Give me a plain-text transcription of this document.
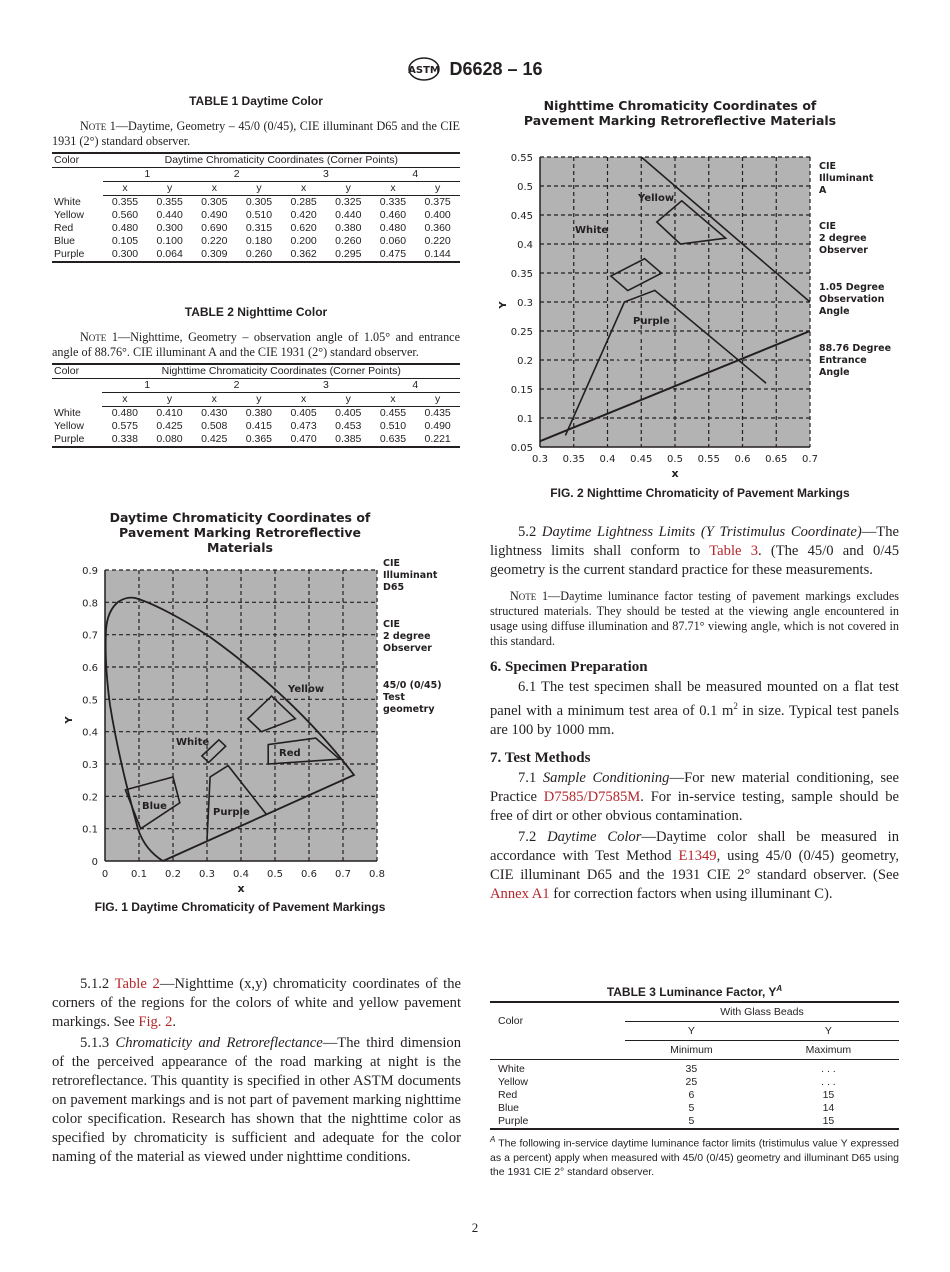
ASTM D6628 – 16
TABLE 1 Daytime Color
Note 1—Daytime, Geometry – 45/0 (0/45), CIE illuminant D65 and the CIE 1931 (2°) standard observer.
Color	Daytime Chromaticity Coordinates (Corner Points)							
	1		2		3		4	
	x	y	x	y	x	y	x	y
White	0.355	0.355	0.305	0.305	0.285	0.325	0.335	0.375
Yellow	0.560	0.440	0.490	0.510	0.420	0.440	0.460	0.400
Red	0.480	0.300	0.690	0.315	0.620	0.380	0.480	0.360
Blue	0.105	0.100	0.220	0.180	0.200	0.260	0.060	0.220
Purple	0.300	0.064	0.309	0.260	0.362	0.295	0.475	0.144
TABLE 2 Nighttime Color
Note 1—Nighttime, Geometry – observation angle of 1.05° and entrance angle of 88.76°. CIE illuminant A and the CIE 1931 (2°) standard observer.
Color	Nighttime Chromaticity Coordinates (Corner Points)							
	1		2		3		4	
	x	y	x	y	x	y	x	y
White	0.480	0.410	0.430	0.380	0.405	0.405	0.455	0.435
Yellow	0.575	0.425	0.508	0.415	0.473	0.453	0.510	0.490
Purple	0.338	0.080	0.425	0.365	0.470	0.385	0.635	0.221
Nighttime Chromaticity Coordinates of
Pavement Marking Retroreflective Materials
Yellow
White
Purple
0.55
0.5
0.45
0.4
0.35
0.3
0.25
0.2
0.15
0.1
0.05
0.3 0.35 0.4 0.45 0.5 0.55 0.6 0.65 0.7
x
Y
CIE
Illuminant
A
CIE
2 degree
Observer
1.05 Degree
Observation
Angle
88.76 Degree
Entrance
Angle
FIG. 2 Nighttime Chromaticity of Pavement Markings
Daytime Chromaticity Coordinates of
Pavement Marking Retroreflective
Materials
Yellow
White
Red
Blue
Purple
0
0.1
0.2
0.3
0.4
0.5
0.6
0.7
0.8
0.9
0 0.1 0.2 0.3 0.4 0.5 0.6 0.7 0.8
x
Y
CIE
Illuminant
D65
CIE
2 degree
Observer
45/0 (0/45)
Test
geometry
FIG. 1 Daytime Chromaticity of Pavement Markings

5.1.2 Table 2—Nighttime (x,y) chromaticity coordinates of the corners of the regions for the colors of white and yellow pavement markings. See Fig. 2.

5.1.3 Chromaticity and Retroreflectance—The third dimension of the perceived appearance of the road marking at night is the retroreflectance. This quantity is specified in other ASTM documents on pavement markings and is not part of pavement marking nighttime color specification. Research has shown that the nighttime color as specified by chromaticity is sufficient and adequate for the color naming of the material as viewed under nighttime conditions.

5.2 Daytime Lightness Limits (Y Tristimulus Coordinate)—The lightness limits shall conform to Table 3. (The 45/0 and 0/45 geometry is the current standard practice for these measurements.

Note 1—Daytime luminance factor testing of pavement markings excludes structured materials. They should be tested at the viewing angle encountered in usage using diffuse illumination and 87.71° viewing angle, which is not covered in this standard.
6. Specimen Preparation

6.1 The test specimen shall be measured mounted on a flat test panel with a minimum test area of 0.1 $m^2$ in size. Typical test panels are 100 by 1000 mm.

7. Test Methods

7.1 Sample Conditioning—For new material conditioning, see Practice D7585/D7585M. For in-service testing, sample should be free of dirt or other obvious contamination.

7.2 Daytime Color—Daytime color shall be measured in accordance with Test Method E1349, using 45/0 (0/45) geometry, CIE illuminant D65 and the 1931 CIE 2° standard observer. (See Annex A1 for correction factors when using illuminant C).

TABLE 3 Luminance Factor, $Y^A$
Color	With Glass Beads	
	Y	Y
	Minimum	Maximum
White	35	. . .
Yellow	25	. . .
Red	6	15
Blue	5	14
Purple	5	15
$^A$ The following in-service daytime luminance factor limits (tristimulus value Y expressed as a percent) apply when measured with 45/0 (0/45) geometry and illuminant D65 using the 1931 CIE 2° standard observer.
2
